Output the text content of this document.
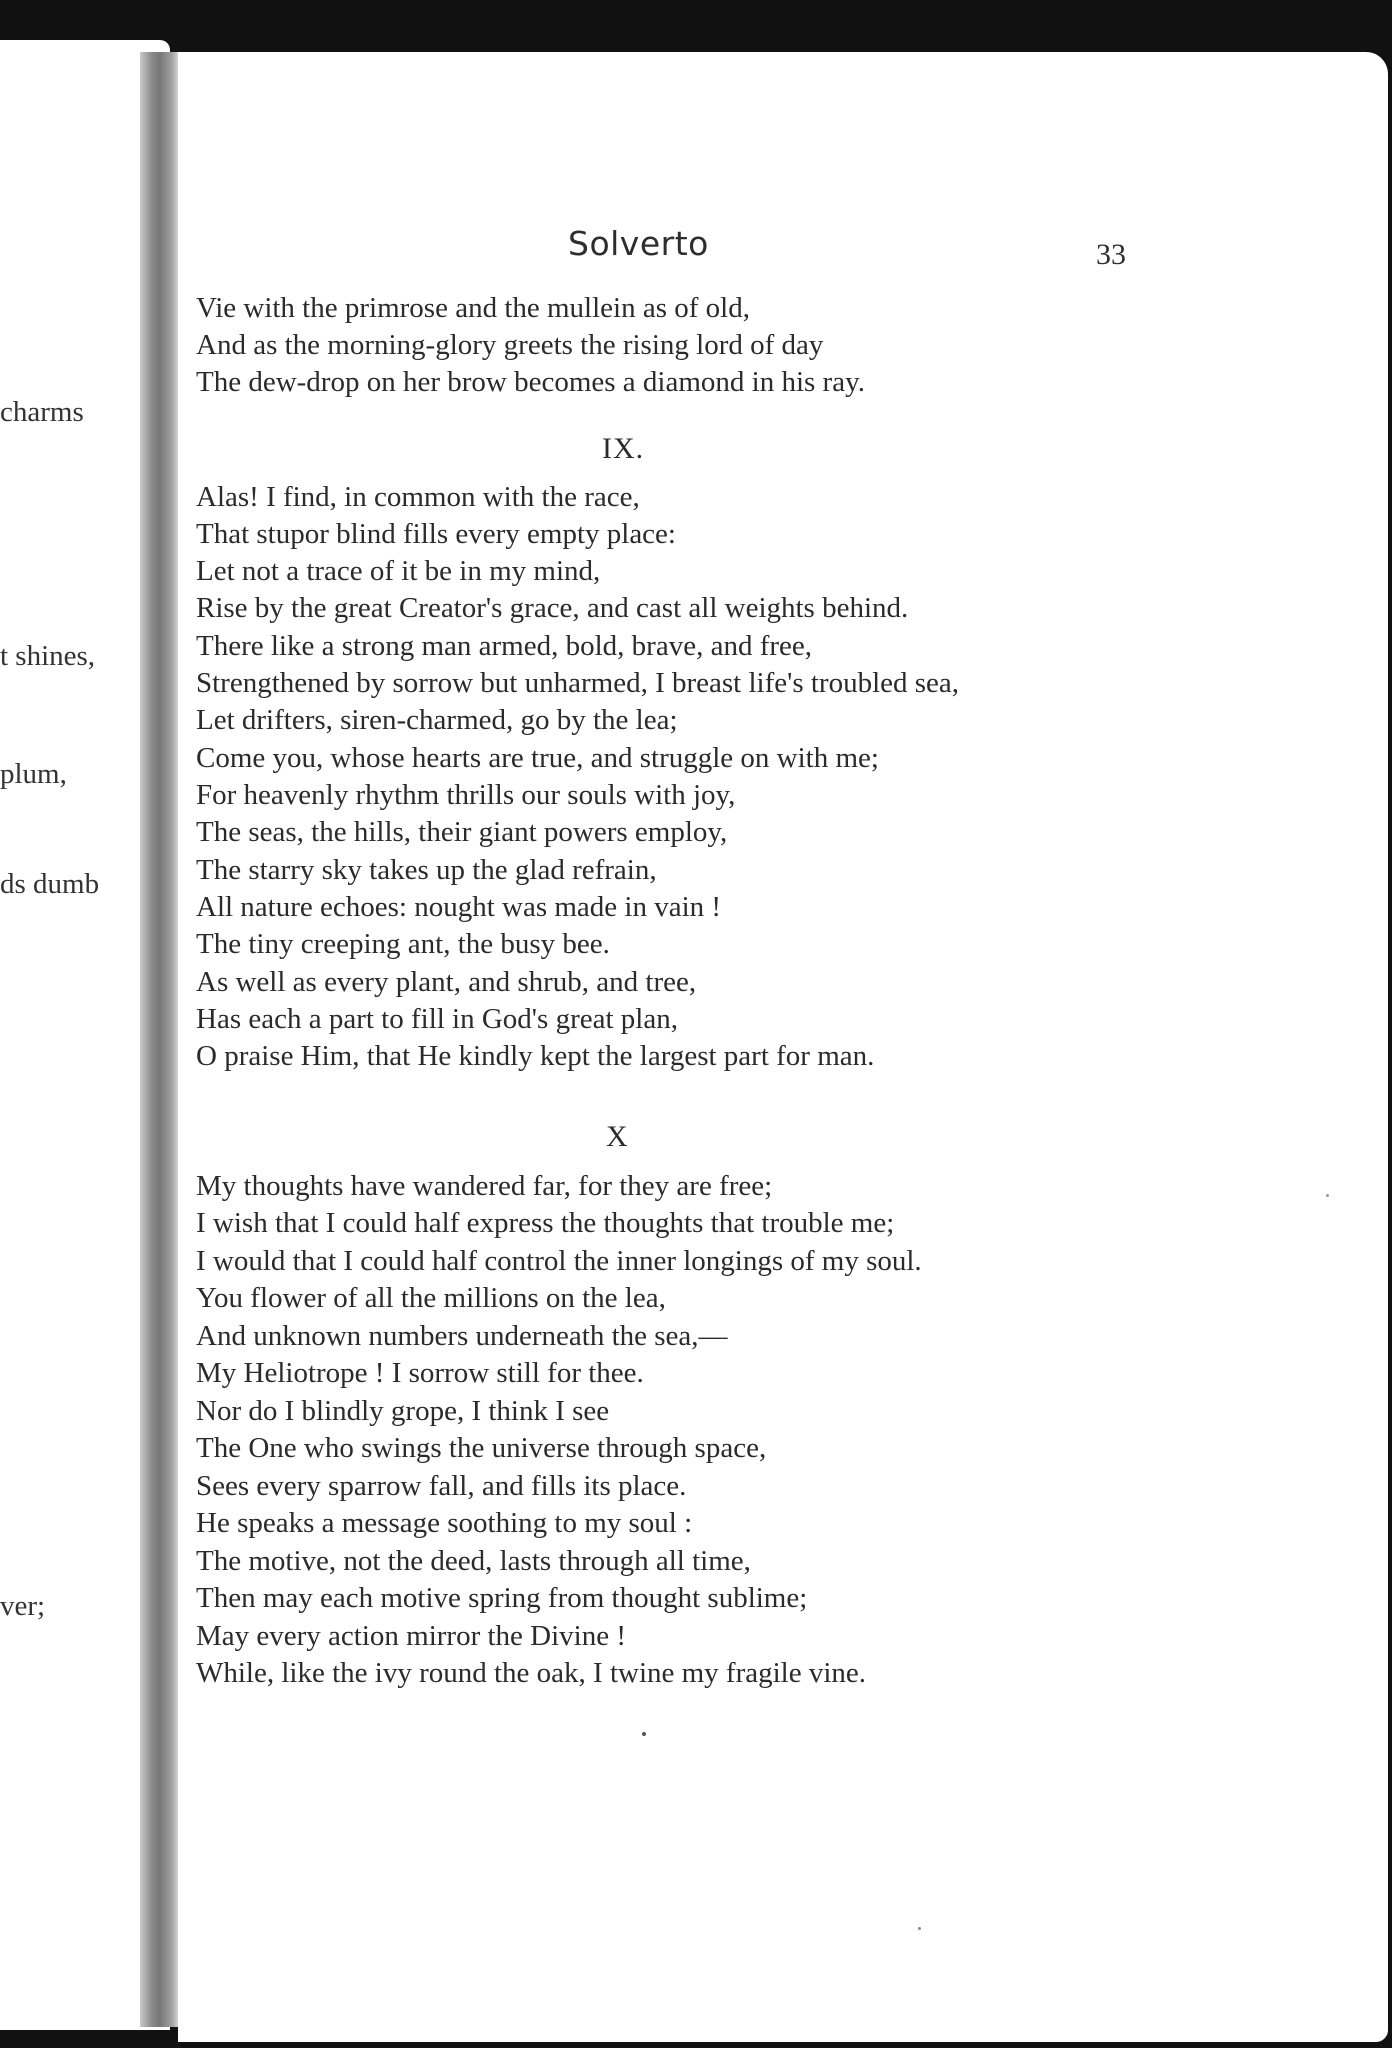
charms
t shines,
plum,
ds dumb
ver;
Solverto	33
Vie with the primrose and the mullein as of old,
And as the morning-glory greets the rising lord of day
The dew-drop on her brow becomes a diamond in his ray.
IX.
Alas! I find, in common with the race,
That stupor blind fills every empty place:
Let not a trace of it be in my mind,
Rise by the great Creator's grace, and cast all weights behind.
There like a strong man armed, bold, brave, and free,
Strengthened by sorrow but unharmed, I breast life's troubled sea,
Let drifters, siren-charmed, go by the lea;
Come you, whose hearts are true, and struggle on with me;
For heavenly rhythm thrills our souls with joy,
The seas, the hills, their giant powers employ,
The starry sky takes up the glad refrain,
All nature echoes: nought was made in vain !
The tiny creeping ant, the busy bee.
As well as every plant, and shrub, and tree,
Has each a part to fill in God's great plan,
O praise Him, that He kindly kept the largest part for man.
X
My thoughts have wandered far, for they are free;
I wish that I could half express the thoughts that trouble me;
I would that I could half control the inner longings of my soul.
You flower of all the millions on the lea,
And unknown numbers underneath the sea,—
My Heliotrope ! I sorrow still for thee.
Nor do I blindly grope, I think I see
The One who swings the universe through space,
Sees every sparrow fall, and fills its place.
He speaks a message soothing to my soul :
The motive, not the deed, lasts through all time,
Then may each motive spring from thought sublime;
May every action mirror the Divine !
While, like the ivy round the oak, I twine my fragile vine.
